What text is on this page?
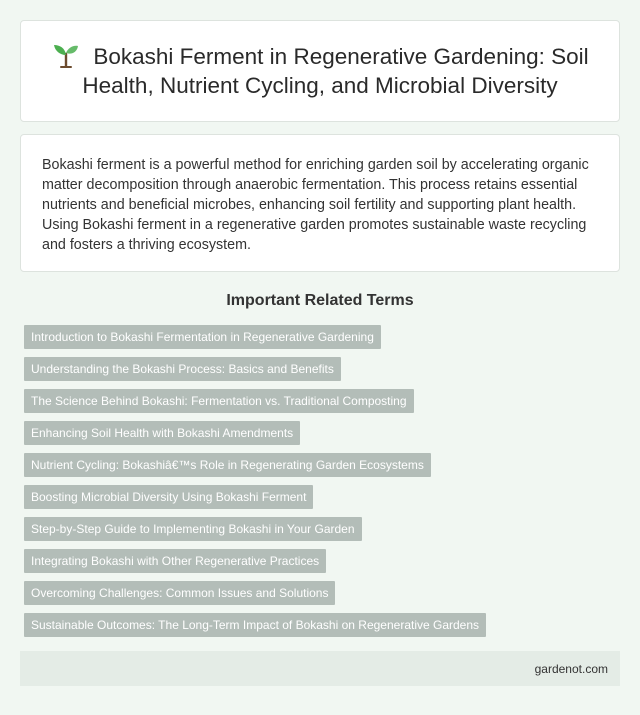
Bokashi Ferment in Regenerative Gardening: Soil Health, Nutrient Cycling, and Microbial Diversity

Bokashi ferment is a powerful method for enriching garden soil by accelerating organic matter decomposition through anaerobic fermentation. This process retains essential nutrients and beneficial microbes, enhancing soil fertility and supporting plant health. Using Bokashi ferment in a regenerative garden promotes sustainable waste recycling and fosters a thriving ecosystem.

Important Related Terms
Introduction to Bokashi Fermentation in Regenerative Gardening
Understanding the Bokashi Process: Basics and Benefits
The Science Behind Bokashi: Fermentation vs. Traditional Composting
Enhancing Soil Health with Bokashi Amendments
Nutrient Cycling: Bokashiâ€™s Role in Regenerating Garden Ecosystems
Boosting Microbial Diversity Using Bokashi Ferment
Step-by-Step Guide to Implementing Bokashi in Your Garden
Integrating Bokashi with Other Regenerative Practices
Overcoming Challenges: Common Issues and Solutions
Sustainable Outcomes: The Long-Term Impact of Bokashi on Regenerative Gardens
gardenot.com
